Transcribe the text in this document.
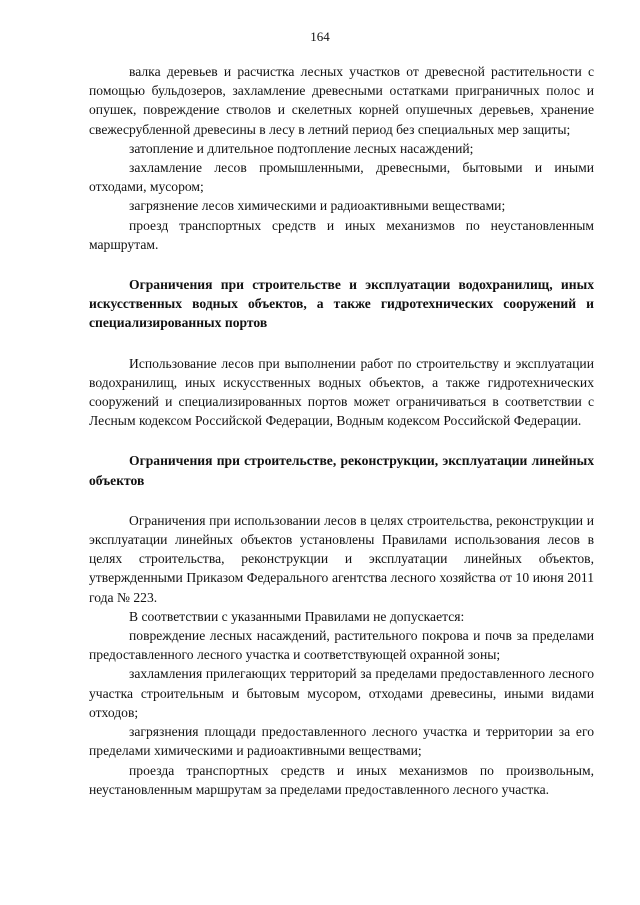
164

валка деревьев и расчистка лесных участков от древесной растительности с помощью бульдозеров, захламление древесными остатками приграничных полос и опушек, повреждение стволов и скелетных корней опушечных деревьев, хранение свежесрубленной древесины в лесу в летний период без специальных мер защиты;

затопление и длительное подтопление лесных насаждений;

захламление лесов промышленными, древесными, бытовыми и иными отходами, мусором;

загрязнение лесов химическими и радиоактивными веществами;

проезд транспортных средств и иных механизмов по неустановленным маршрутам.

Ограничения при строительстве и эксплуатации водохранилищ, иных искусственных водных объектов, а также гидротехнических сооружений и специализированных портов

Использование лесов при выполнении работ по строительству и эксплуатации водохранилищ, иных искусственных водных объектов, а также гидротехнических сооружений и специализированных портов может ограничиваться в соответствии с Лесным кодексом Российской Федерации, Водным кодексом Российской Федерации.

Ограничения при строительстве, реконструкции, эксплуатации линейных объектов

Ограничения при использовании лесов в целях строительства, реконструкции и эксплуатации линейных объектов установлены Правилами использования лесов в целях строительства, реконструкции и эксплуатации линейных объектов, утвержденными Приказом Федерального агентства лесного хозяйства от 10 июня 2011 года № 223.

В соответствии с указанными Правилами не допускается:

повреждение лесных насаждений, растительного покрова и почв за пределами предоставленного лесного участка и соответствующей охранной зоны;

захламления прилегающих территорий за пределами предоставленного лесного участка строительным и бытовым мусором, отходами древесины, иными видами отходов;

загрязнения площади предоставленного лесного участка и территории за его пределами химическими и радиоактивными веществами;

проезда транспортных средств и иных механизмов по произвольным, неустановленным маршрутам за пределами предоставленного лесного участка.
